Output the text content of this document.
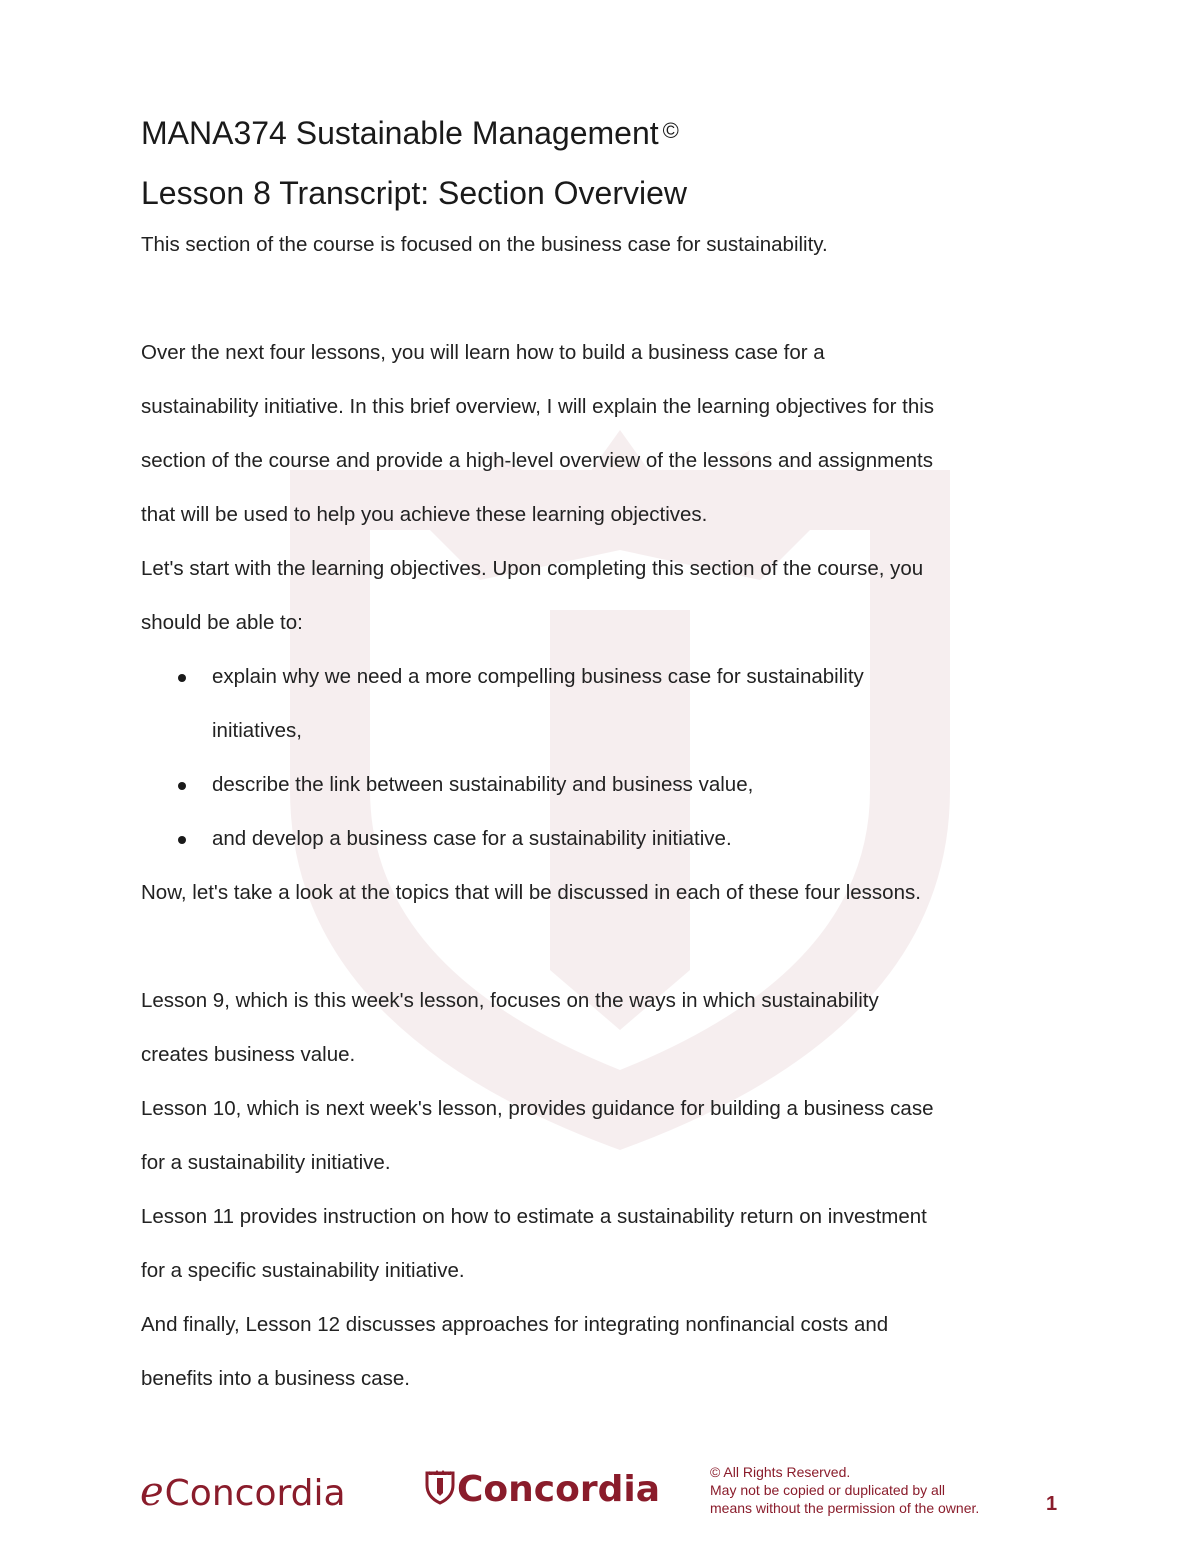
MANA374 Sustainable Management ©
Lesson 8 Transcript: Section Overview

This section of the course is focused on the business case for sustainability.

Over the next four lessons, you will learn how to build a business case for a

sustainability initiative. In this brief overview, I will explain the learning objectives for this

section of the course and provide a high-level overview of the lessons and assignments

that will be used to help you achieve these learning objectives.

Let's start with the learning objectives. Upon completing this section of the course, you

should be able to:

explain why we need a more compelling business case for sustainability
initiatives,
describe the link between sustainability and business value,
and develop a business case for a sustainability initiative.

Now, let's take a look at the topics that will be discussed in each of these four lessons.

Lesson 9, which is this week's lesson, focuses on the ways in which sustainability

creates business value.

Lesson 10, which is next week's lesson, provides guidance for building a business case

for a sustainability initiative.

Lesson 11 provides instruction on how to estimate a sustainability return on investment

for a specific sustainability initiative.

And finally, Lesson 12 discusses approaches for integrating nonfinancial costs and

benefits into a business case.

eConcordia	Concordia	© All Rights Reserved.
May not be copied or duplicated by all
means without the permission of the owner.	1
